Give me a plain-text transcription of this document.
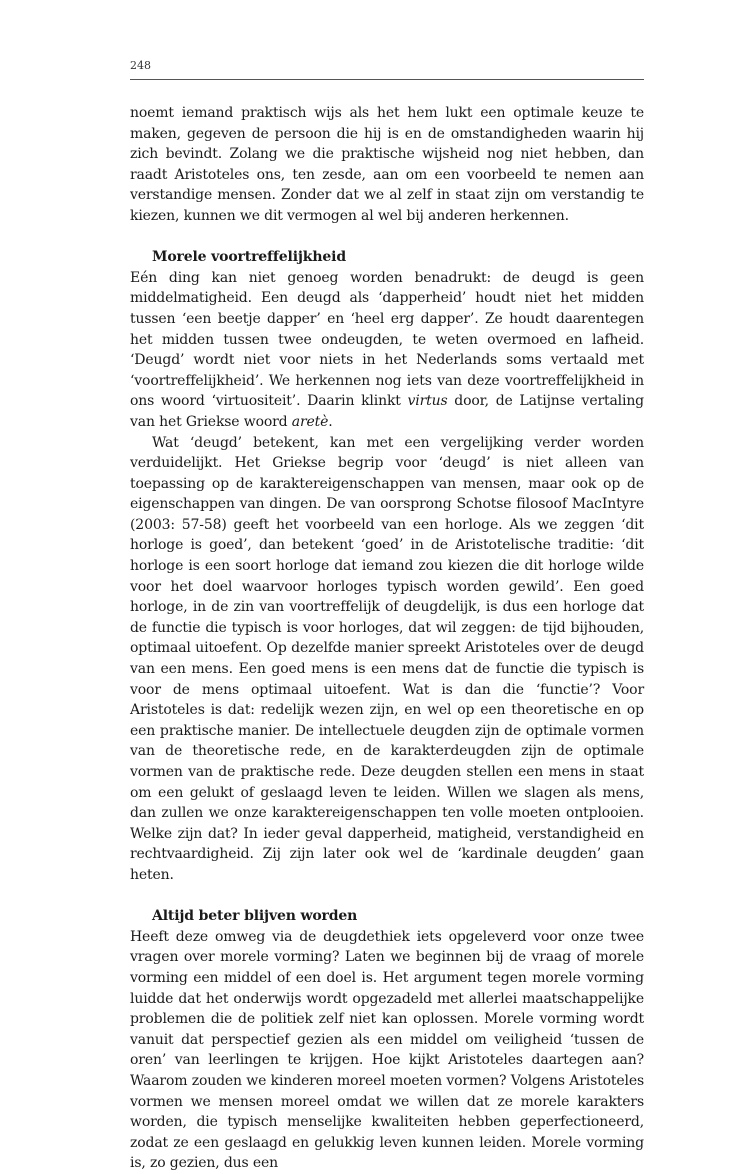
248

noemt iemand praktisch wijs als het hem lukt een optimale keuze te maken, gegeven de persoon die hij is en de omstandigheden waarin hij zich bevindt. Zolang we die praktische wijsheid nog niet hebben, dan raadt Aristoteles ons, ten zesde, aan om een voorbeeld te nemen aan verstandige mensen. Zonder dat we al zelf in staat zijn om verstandig te kiezen, kunnen we dit vermogen al wel bij anderen herkennen.

Morele voortreffelijkheid

Eén ding kan niet genoeg worden benadrukt: de deugd is geen middelmatigheid. Een deugd als ‘dapperheid’ houdt niet het midden tussen ‘een beetje dapper’ en ‘heel erg dapper’. Ze houdt daarentegen het midden tussen twee ondeugden, te weten overmoed en lafheid. ‘Deugd’ wordt niet voor niets in het Nederlands soms vertaald met ‘voortreffelijkheid’. We herkennen nog iets van deze voortreffelijkheid in ons woord ‘virtuositeit’. Daarin klinkt virtus door, de Latijnse vertaling van het Griekse woord aretè.

Wat ‘deugd’ betekent, kan met een vergelijking verder worden verduidelijkt. Het Griekse begrip voor ‘deugd’ is niet alleen van toepassing op de karaktereigenschappen van mensen, maar ook op de eigenschappen van dingen. De van oorsprong Schotse filosoof MacIntyre (2003: 57-58) geeft het voorbeeld van een horloge. Als we zeggen ‘dit horloge is goed’, dan betekent ‘goed’ in de Aristotelische traditie: ‘dit horloge is een soort horloge dat iemand zou kiezen die dit horloge wilde voor het doel waarvoor horloges typisch worden gewild’. Een goed horloge, in de zin van voortreffelijk of deugdelijk, is dus een horloge dat de functie die typisch is voor horloges, dat wil zeggen: de tijd bijhouden, optimaal uitoefent. Op dezelfde manier spreekt Aristoteles over de deugd van een mens. Een goed mens is een mens dat de functie die typisch is voor de mens optimaal uitoefent. Wat is dan die ‘functie’? Voor Aristoteles is dat: redelijk wezen zijn, en wel op een theoretische en op een praktische manier. De intellectuele deugden zijn de optimale vormen van de theoretische rede, en de karakterdeugden zijn de optimale vormen van de praktische rede. Deze deugden stellen een mens in staat om een gelukt of geslaagd leven te leiden. Willen we slagen als mens, dan zullen we onze karaktereigenschappen ten volle moeten ontplooien. Welke zijn dat? In ieder geval dapperheid, matigheid, verstandigheid en rechtvaardigheid. Zij zijn later ook wel de ‘kardinale deugden’ gaan heten.

Altijd beter blijven worden

Heeft deze omweg via de deugdethiek iets opgeleverd voor onze twee vragen over morele vorming? Laten we beginnen bij de vraag of morele vorming een middel of een doel is. Het argument tegen morele vorming luidde dat het onderwijs wordt opgezadeld met allerlei maatschappelijke problemen die de politiek zelf niet kan oplossen. Morele vorming wordt vanuit dat perspectief gezien als een middel om veiligheid ‘tussen de oren’ van leerlingen te krijgen. Hoe kijkt Aristoteles daartegen aan? Waarom zouden we kinderen moreel moeten vormen? Volgens Aristoteles vormen we mensen moreel omdat we willen dat ze morele karakters worden, die typisch menselijke kwaliteiten hebben geperfectioneerd, zodat ze een geslaagd en gelukkig leven kunnen leiden. Morele vorming is, zo gezien, dus een
